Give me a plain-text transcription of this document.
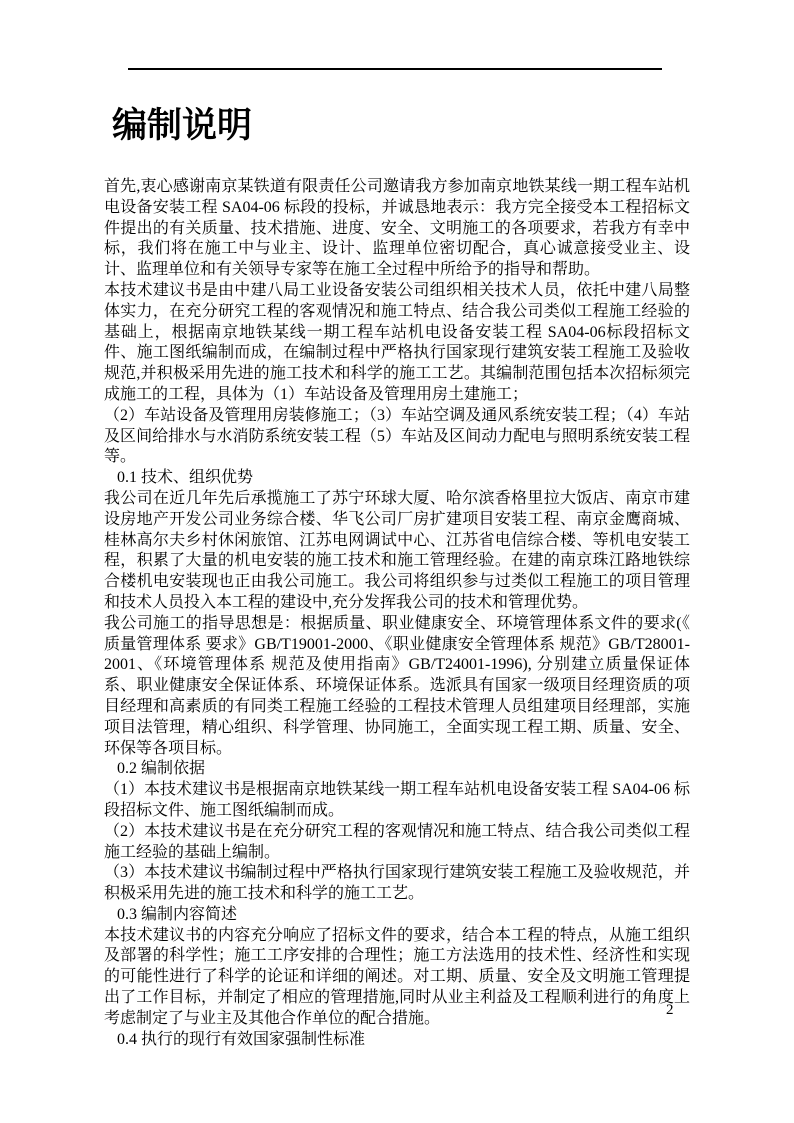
编制说明

首先,衷心感谢南京某铁道有限责任公司邀请我方参加南京地铁某线一期工程车站机电设备安装工程 SA04-06 标段的投标，并诚恳地表示：我方完全接受本工程招标文件提出的有关质量、技术措施、进度、安全、文明施工的各项要求，若我方有幸中标，我们将在施工中与业主、设计、监理单位密切配合，真心诚意接受业主、设计、监理单位和有关领导专家等在施工全过程中所给予的指导和帮助。

本技术建议书是由中建八局工业设备安装公司组织相关技术人员，依托中建八局整体实力，在充分研究工程的客观情况和施工特点、结合我公司类似工程施工经验的基础上，根据南京地铁某线一期工程车站机电设备安装工程 SA04-06标段招标文件、施工图纸编制而成，在编制过程中严格执行国家现行建筑安装工程施工及验收规范,并积极采用先进的施工技术和科学的施工工艺。其编制范围包括本次招标须完成施工的工程，具体为（1）车站设备及管理用房土建施工；

（2）车站设备及管理用房装修施工；（3）车站空调及通风系统安装工程；（4）车站及区间给排水与水消防系统安装工程（5）车站及区间动力配电与照明系统安装工程等。

0.1 技术、组织优势

我公司在近几年先后承揽施工了苏宁环球大厦、哈尔滨香格里拉大饭店、南京市建设房地产开发公司业务综合楼、华飞公司厂房扩建项目安装工程、南京金鹰商城、桂林高尔夫乡村休闲旅馆、江苏电网调试中心、江苏省电信综合楼、等机电安装工程，积累了大量的机电安装的施工技术和施工管理经验。在建的南京珠江路地铁综合楼机电安装现也正由我公司施工。我公司将组织参与过类似工程施工的项目管理和技术人员投入本工程的建设中,充分发挥我公司的技术和管理优势。

我公司施工的指导思想是：根据质量、职业健康安全、环境管理体系文件的要求(《 质量管理体系 要求》GB/T19001-2000、《职业健康安全管理体系 规范》GB/T28001-2001、《环境管理体系 规范及使用指南》GB/T24001-1996), 分别建立质量保证体系、职业健康安全保证体系、环境保证体系。选派具有国家一级项目经理资质的项目经理和高素质的有同类工程施工经验的工程技术管理人员组建项目经理部，实施项目法管理，精心组织、科学管理、协同施工，全面实现工程工期、质量、安全、环保等各项目标。

0.2 编制依据

（1）本技术建议书是根据南京地铁某线一期工程车站机电设备安装工程 SA04-06 标段招标文件、施工图纸编制而成。

（2）本技术建议书是在充分研究工程的客观情况和施工特点、结合我公司类似工程施工经验的基础上编制。

（3）本技术建议书编制过程中严格执行国家现行建筑安装工程施工及验收规范，并积极采用先进的施工技术和科学的施工工艺。

0.3 编制内容简述

本技术建议书的内容充分响应了招标文件的要求，结合本工程的特点，从施工组织及部署的科学性；施工工序安排的合理性；施工方法选用的技术性、经济性和实现的可能性进行了科学的论证和详细的阐述。对工期、质量、安全及文明施工管理提出了工作目标，并制定了相应的管理措施,同时从业主利益及工程顺利进行的角度上考虑制定了与业主及其他合作单位的配合措施。

0.4 执行的现行有效国家强制性标准

2
